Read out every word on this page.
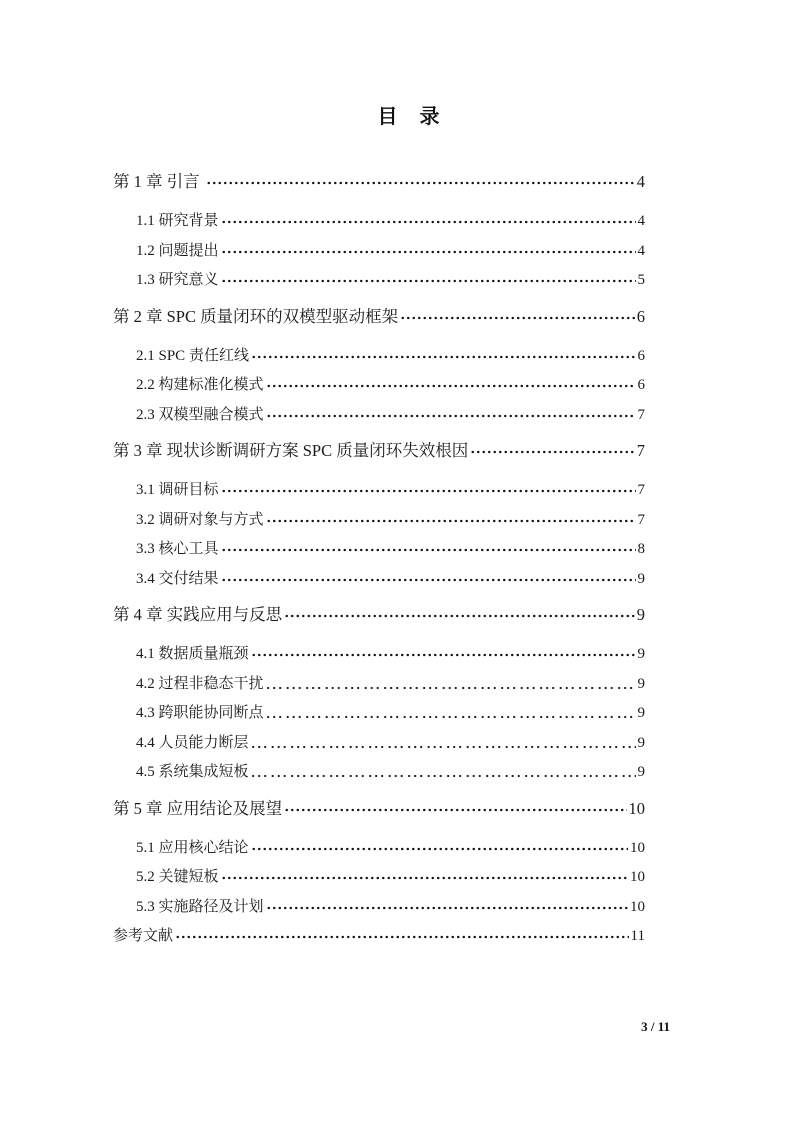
目　录
第 1 章 引言	4
1.1 研究背景	4
1.2 问题提出	4
1.3 研究意义	5
第 2 章 SPC 质量闭环的双模型驱动框架	6
2.1 SPC 责任红线	6
2.2 构建标准化模式	6
2.3 双模型融合模式	7
第 3 章 现状诊断调研方案 SPC 质量闭环失效根因	7
3.1 调研目标	7
3.2 调研对象与方式	7
3.3 核心工具	8
3.4 交付结果	9
第 4 章 实践应用与反思	9
4.1 数据质量瓶颈	9
4.2 过程非稳态干扰	9
4.3 跨职能协同断点	9
4.4 人员能力断层	9
4.5 系统集成短板	9
第 5 章 应用结论及展望	10
5.1 应用核心结论	10
5.2 关键短板	10
5.3 实施路径及计划	10
参考文献	11
3 / 11
